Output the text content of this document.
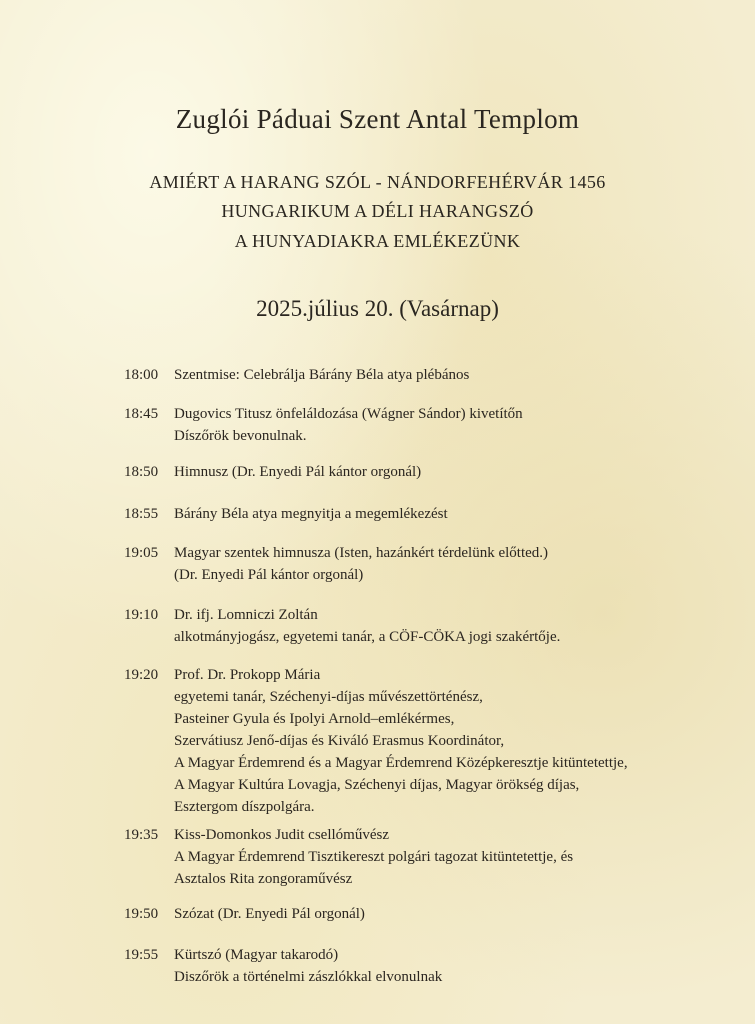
Zuglói Páduai Szent Antal Templom
AMIÉRT A HARANG SZÓL - NÁNDORFEHÉRVÁR 1456
HUNGARIKUM A DÉLI HARANGSZÓ
A HUNYADIAKRA EMLÉKEZÜNK
2025.július 20. (Vasárnap)
18:00	Szentmise: Celebrálja Bárány Béla atya plébános
18:45	Dugovics Titusz önfeláldozása (Wágner Sándor) kivetítőn
Díszőrök bevonulnak.
18:50	Himnusz (Dr. Enyedi Pál kántor orgonál)
18:55	Bárány Béla atya megnyitja a megemlékezést
19:05	Magyar szentek himnusza (Isten, hazánkért térdelünk előtted.)
(Dr. Enyedi Pál kántor orgonál)
19:10	Dr. ifj. Lomniczi Zoltán
alkotmányjogász, egyetemi tanár, a CÖF-CÖKA jogi szakértője.
19:20	Prof. Dr. Prokopp Mária
egyetemi tanár, Széchenyi-díjas művészettörténész,
Pasteiner Gyula és Ipolyi Arnold–emlékérmes,
Szervátiusz Jenő-díjas és Kiváló Erasmus Koordinátor,
A Magyar Érdemrend és a Magyar Érdemrend Középkeresztje kitüntetettje,
A Magyar Kultúra Lovagja, Széchenyi díjas, Magyar örökség díjas,
Esztergom díszpolgára.
19:35	Kiss-Domonkos Judit csellóművész
A Magyar Érdemrend Tisztikereszt polgári tagozat kitüntetettje, és
Asztalos Rita zongoraművész
19:50	Szózat (Dr. Enyedi Pál orgonál)
19:55	Kürtszó (Magyar takarodó)
Diszőrök a történelmi zászlókkal elvonulnak
